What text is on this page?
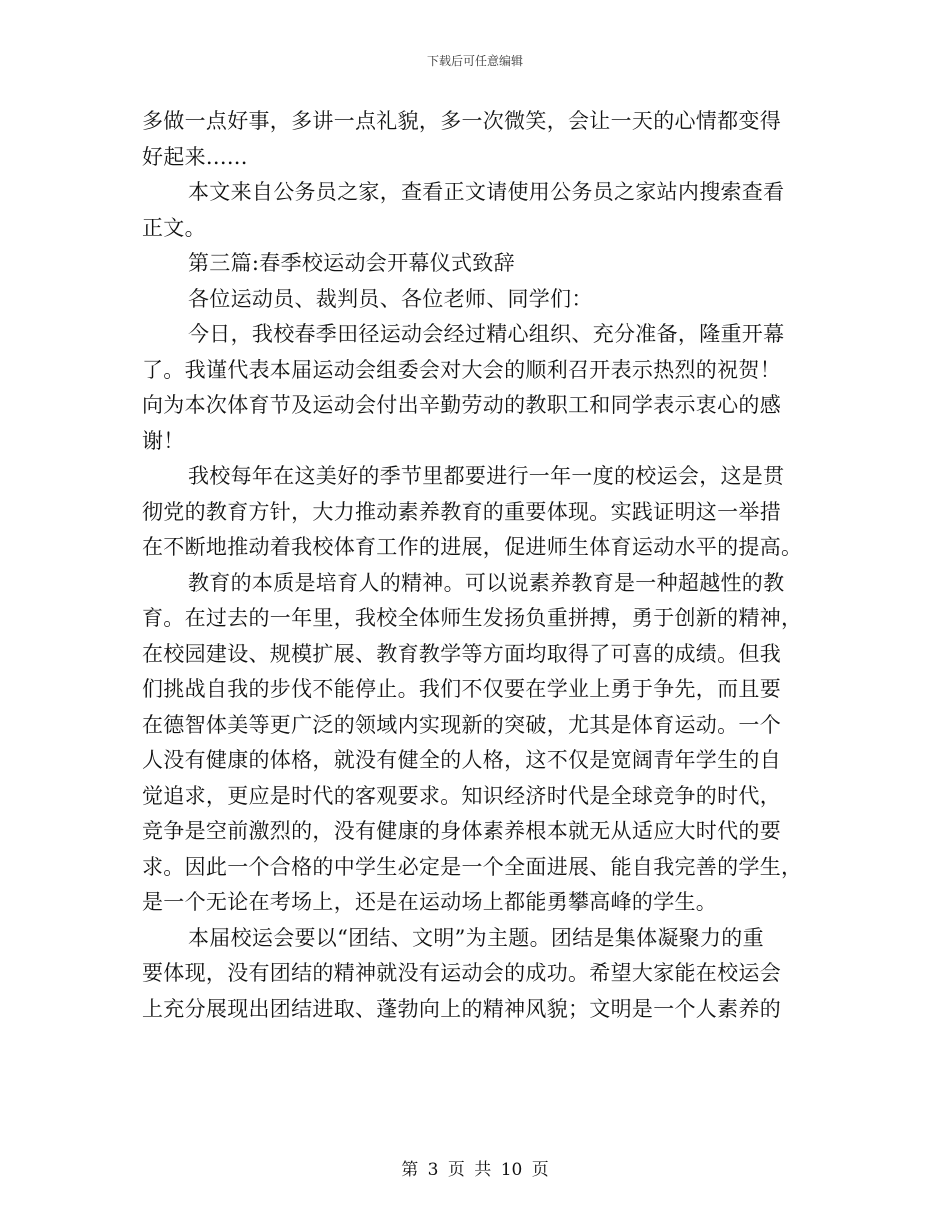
下载后可任意编辑
多做一点好事，多讲一点礼貌，多一次微笑，会让一天的心情都变得
好起来......
本文来自公务员之家，查看正文请使用公务员之家站内搜索查看
正文。
第三篇:春季校运动会开幕仪式致辞
各位运动员、裁判员、各位老师、同学们：
今日，我校春季田径运动会经过精心组织、充分准备，隆重开幕
了。我谨代表本届运动会组委会对大会的顺利召开表示热烈的祝贺！
向为本次体育节及运动会付出辛勤劳动的教职工和同学表示衷心的感
谢！
我校每年在这美好的季节里都要进行一年一度的校运会，这是贯
彻党的教育方针，大力推动素养教育的重要体现。实践证明这一举措
在不断地推动着我校体育工作的进展，促进师生体育运动水平的提高。
教育的本质是培育人的精神。可以说素养教育是一种超越性的教
育。在过去的一年里，我校全体师生发扬负重拼搏，勇于创新的精神，
在校园建设、规模扩展、教育教学等方面均取得了可喜的成绩。但我
们挑战自我的步伐不能停止。我们不仅要在学业上勇于争先，而且要
在德智体美等更广泛的领域内实现新的突破，尤其是体育运动。一个
人没有健康的体格，就没有健全的人格，这不仅是宽阔青年学生的自
觉追求，更应是时代的客观要求。知识经济时代是全球竞争的时代，
竞争是空前激烈的，没有健康的身体素养根本就无从适应大时代的要
求。因此一个合格的中学生必定是一个全面进展、能自我完善的学生，
是一个无论在考场上，还是在运动场上都能勇攀高峰的学生。
本届校运会要以“团结、文明”为主题。团结是集体凝聚力的重
要体现，没有团结的精神就没有运动会的成功。希望大家能在校运会
上充分展现出团结进取、蓬勃向上的精神风貌；文明是一个人素养的
第 3 页 共 10 页
